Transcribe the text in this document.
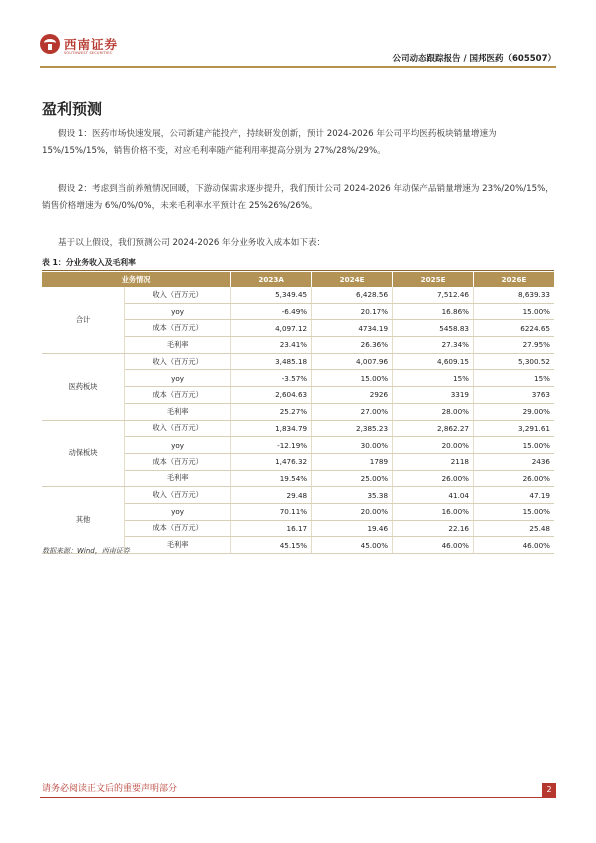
西南证券
SOUTHWEST SECURITIES
公司动态跟踪报告 / 国邦医药（605507）
盈利预测

假设 1：医药市场快速发展，公司新建产能投产，持续研发创新，预计 2024-2026 年公司平均医药板块销量增速为 15%/15%/15%，销售价格不变，对应毛利率随产能利用率提高分别为 27%/28%/29%。

假设 2：考虑到当前养殖情况回暖，下游动保需求逐步提升，我们预计公司 2024-2026 年动保产品销量增速为 23%/20%/15%，销售价格增速为 6%/0%/0%，未来毛利率水平预计在 25%26%/26%。

基于以上假设，我们预测公司 2024-2026 年分业务收入成本如下表：

表 1：分业务收入及毛利率
业务情况		2023A	2024E	2025E	2026E
合计	收入（百万元）	5,349.45	6,428.56	7,512.46	8,639.33
	yoy	-6.49%	20.17%	16.86%	15.00%
	成本（百万元）	4,097.12	4734.19	5458.83	6224.65
	毛利率	23.41%	26.36%	27.34%	27.95%
医药板块	收入（百万元）	3,485.18	4,007.96	4,609.15	5,300.52
	yoy	-3.57%	15.00%	15%	15%
	成本（百万元）	2,604.63	2926	3319	3763
	毛利率	25.27%	27.00%	28.00%	29.00%
动保板块	收入（百万元）	1,834.79	2,385.23	2,862.27	3,291.61
	yoy	-12.19%	30.00%	20.00%	15.00%
	成本（百万元）	1,476.32	1789	2118	2436
	毛利率	19.54%	25.00%	26.00%	26.00%
其他	收入（百万元）	29.48	35.38	41.04	47.19
	yoy	70.11%	20.00%	16.00%	15.00%
	成本（百万元）	16.17	19.46	22.16	25.48
	毛利率	45.15%	45.00%	46.00%	46.00%
数据来源：Wind，西南证券
请务必阅读正文后的重要声明部分	2
